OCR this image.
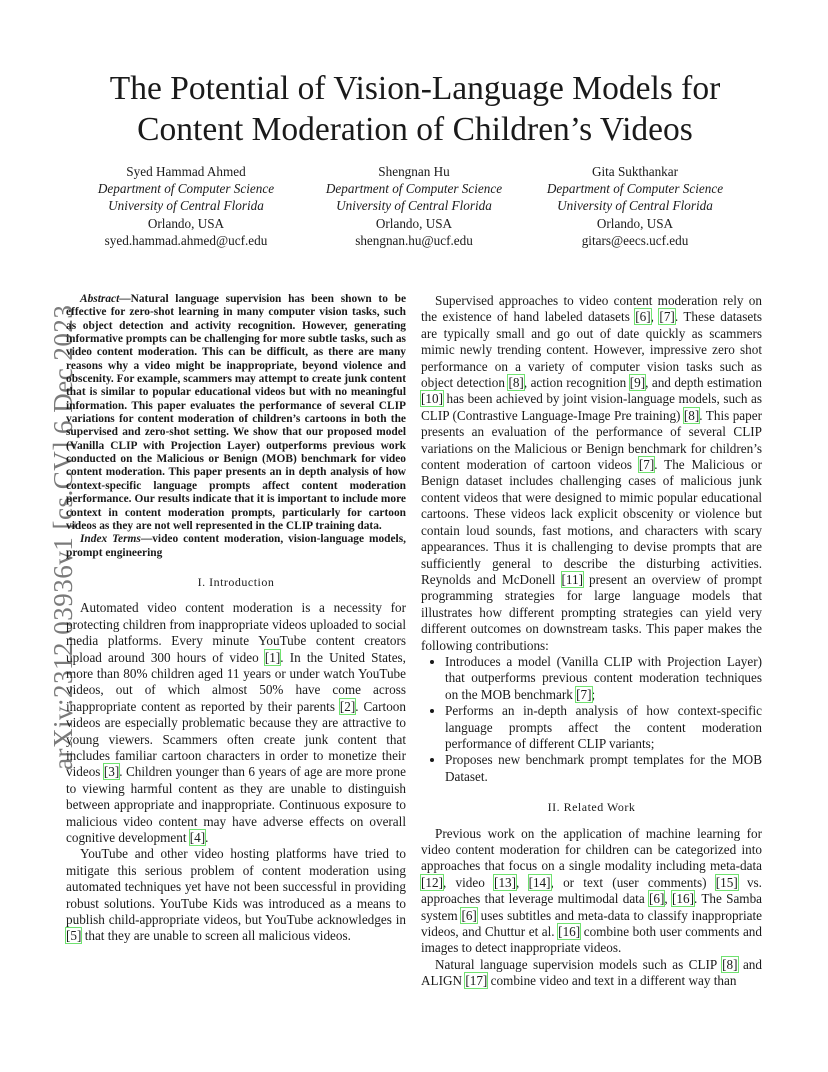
arXiv:2312.03936v1 [cs.CV] 6 Dec 2023
The Potential of Vision-Language Models for
Content Moderation of Children’s Videos
Syed Hammad Ahmed
Department of Computer Science
University of Central Florida
Orlando, USA
syed.hammad.ahmed@ucf.edu
Shengnan Hu
Department of Computer Science
University of Central Florida
Orlando, USA
shengnan.hu@ucf.edu
Gita Sukthankar
Department of Computer Science
University of Central Florida
Orlando, USA
gitars@eecs.ucf.edu

Abstract—Natural language supervision has been shown to be effective for zero-shot learning in many computer vision tasks, such as object detection and activity recognition. However, generating informative prompts can be challenging for more subtle tasks, such as video content moderation. This can be difficult, as there are many reasons why a video might be inappropriate, beyond violence and obscenity. For example, scammers may attempt to create junk content that is similar to popular educational videos but with no meaningful information. This paper evaluates the performance of several CLIP variations for content moderation of children’s cartoons in both the supervised and zero-shot setting. We show that our proposed model (Vanilla CLIP with Projection Layer) outperforms previous work conducted on the Malicious or Benign (MOB) benchmark for video content moderation. This paper presents an in depth analysis of how context-specific language prompts affect content moderation performance. Our results indicate that it is important to include more context in content moderation prompts, particularly for cartoon videos as they are not well represented in the CLIP training data.

Index Terms—video content moderation, vision-language models, prompt engineering

I. Introduction

Automated video content moderation is a necessity for protecting children from inappropriate videos uploaded to social media platforms. Every minute YouTube content creators upload around 300 hours of video [1]. In the United States, more than 80% children aged 11 years or under watch YouTube videos, out of which almost 50% have come across inappropriate content as reported by their parents [2]. Cartoon videos are especially problematic because they are attractive to young viewers. Scammers often create junk content that includes familiar cartoon characters in order to monetize their videos [3]. Children younger than 6 years of age are more prone to viewing harmful content as they are unable to distinguish between appropriate and inappropriate. Continuous exposure to malicious video content may have adverse effects on overall cognitive development [4].

YouTube and other video hosting platforms have tried to mitigate this serious problem of content moderation using automated techniques yet have not been successful in providing robust solutions. YouTube Kids was introduced as a means to publish child-appropriate videos, but YouTube acknowledges in [5] that they are unable to screen all malicious videos.

Supervised approaches to video content moderation rely on the existence of hand labeled datasets [6], [7]. These datasets are typically small and go out of date quickly as scammers mimic newly trending content. However, impressive zero shot performance on a variety of computer vision tasks such as object detection [8], action recognition [9], and depth estimation [10] has been achieved by joint vision-language models, such as CLIP (Contrastive Language-Image Pre training) [8]. This paper presents an evaluation of the performance of several CLIP variations on the Malicious or Benign benchmark for children’s content moderation of cartoon videos [7]. The Malicious or Benign dataset includes challenging cases of malicious junk content videos that were designed to mimic popular educational cartoons. These videos lack explicit obscenity or violence but contain loud sounds, fast motions, and characters with scary appearances. Thus it is challenging to devise prompts that are sufficiently general to describe the disturbing activities. Reynolds and McDonell [11] present an overview of prompt programming strategies for large language models that illustrates how different prompting strategies can yield very different outcomes on downstream tasks. This paper makes the following contributions:

• Introduces a model (Vanilla CLIP with Projection Layer) that outperforms previous content moderation techniques on the MOB benchmark [7];
• Performs an in-depth analysis of how context-specific language prompts affect the content moderation performance of different CLIP variants;
• Proposes new benchmark prompt templates for the MOB Dataset.
II. Related Work

Previous work on the application of machine learning for video content moderation for children can be categorized into approaches that focus on a single modality including meta-data [12], video [13], [14], or text (user comments) [15] vs. approaches that leverage multimodal data [6], [16]. The Samba system [6] uses subtitles and meta-data to classify inappropriate videos, and Chuttur et al. [16] combine both user comments and images to detect inappropriate videos.

Natural language supervision models such as CLIP [8] and ALIGN [17] combine video and text in a different way than
